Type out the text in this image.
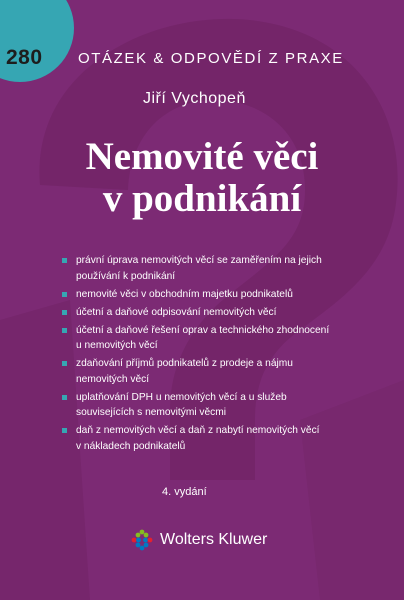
280 OTÁZEK & ODPOVĚDÍ Z PRAXE
Jiří Vychopeň
Nemovité věci
v podnikání
právní úprava nemovitých věcí se zaměřením na jejich
používání k podnikání
nemovité věci v obchodním majetku podnikatelů
účetní a daňové odpisování nemovitých věcí
účetní a daňové řešení oprav a technického zhodnocení
u nemovitých věcí
zdaňování příjmů podnikatelů z prodeje a nájmu
nemovitých věcí
uplatňování DPH u nemovitých věcí a u služeb
souvisejících s nemovitými věcmi
daň z nemovitých věcí a daň z nabytí nemovitých věcí
v nákladech podnikatelů
4. vydání
Wolters Kluwer
